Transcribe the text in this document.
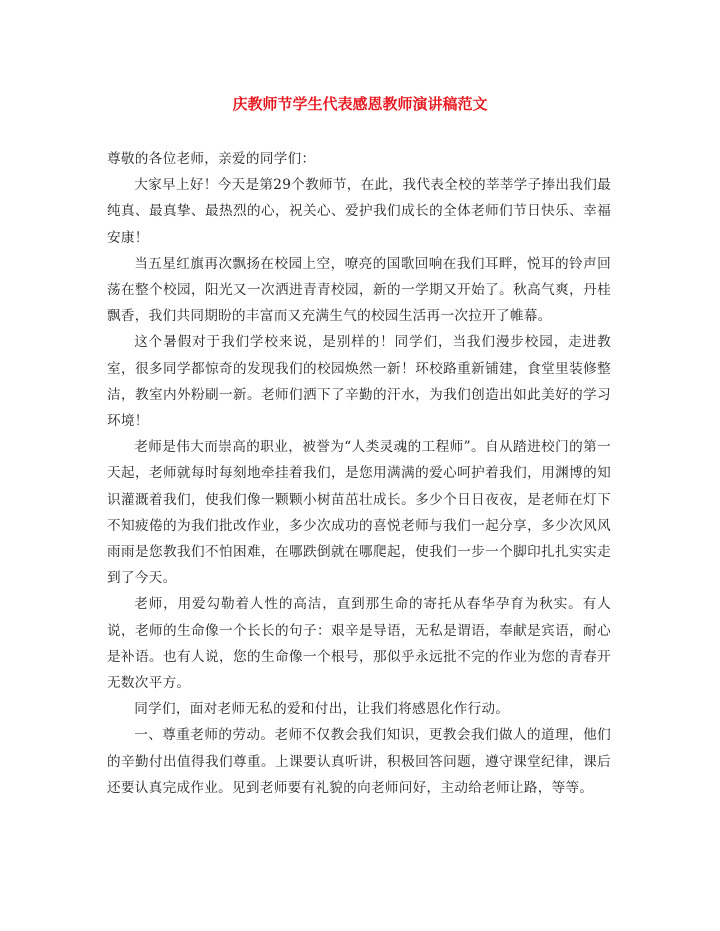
庆教师节学生代表感恩教师演讲稿范文

尊敬的各位老师，亲爱的同学们：

大家早上好！今天是第29个教师节，在此，我代表全校的莘莘学子捧出我们最纯真、最真挚、最热烈的心，祝关心、爱护我们成长的全体老师们节日快乐、幸福安康！

当五星红旗再次飘扬在校园上空，嘹亮的国歌回响在我们耳畔，悦耳的铃声回荡在整个校园，阳光又一次洒进青青校园，新的一学期又开始了。秋高气爽，丹桂飘香，我们共同期盼的丰富而又充满生气的校园生活再一次拉开了帷幕。

这个暑假对于我们学校来说，是别样的！同学们，当我们漫步校园，走进教室，很多同学都惊奇的发现我们的校园焕然一新！环校路重新铺建，食堂里装修整洁，教室内外粉刷一新。老师们洒下了辛勤的汗水，为我们创造出如此美好的学习环境！

老师是伟大而崇高的职业，被誉为“人类灵魂的工程师”。自从踏进校门的第一天起，老师就每时每刻地牵挂着我们，是您用满满的爱心呵护着我们，用渊博的知识灌溉着我们，使我们像一颗颗小树苗茁壮成长。多少个日日夜夜，是老师在灯下不知疲倦的为我们批改作业，多少次成功的喜悦老师与我们一起分享，多少次风风雨雨是您教我们不怕困难，在哪跌倒就在哪爬起，使我们一步一个脚印扎扎实实走到了今天。

老师，用爱勾勒着人性的高洁，直到那生命的寄托从春华孕育为秋实。有人说，老师的生命像一个长长的句子：艰辛是导语，无私是谓语，奉献是宾语，耐心是补语。也有人说，您的生命像一个根号，那似乎永远批不完的作业为您的青春开无数次平方。

同学们，面对老师无私的爱和付出，让我们将感恩化作行动。

一、尊重老师的劳动。老师不仅教会我们知识，更教会我们做人的道理，他们的辛勤付出值得我们尊重。上课要认真听讲，积极回答问题，遵守课堂纪律，课后还要认真完成作业。见到老师要有礼貌的向老师问好，主动给老师让路，等等。
